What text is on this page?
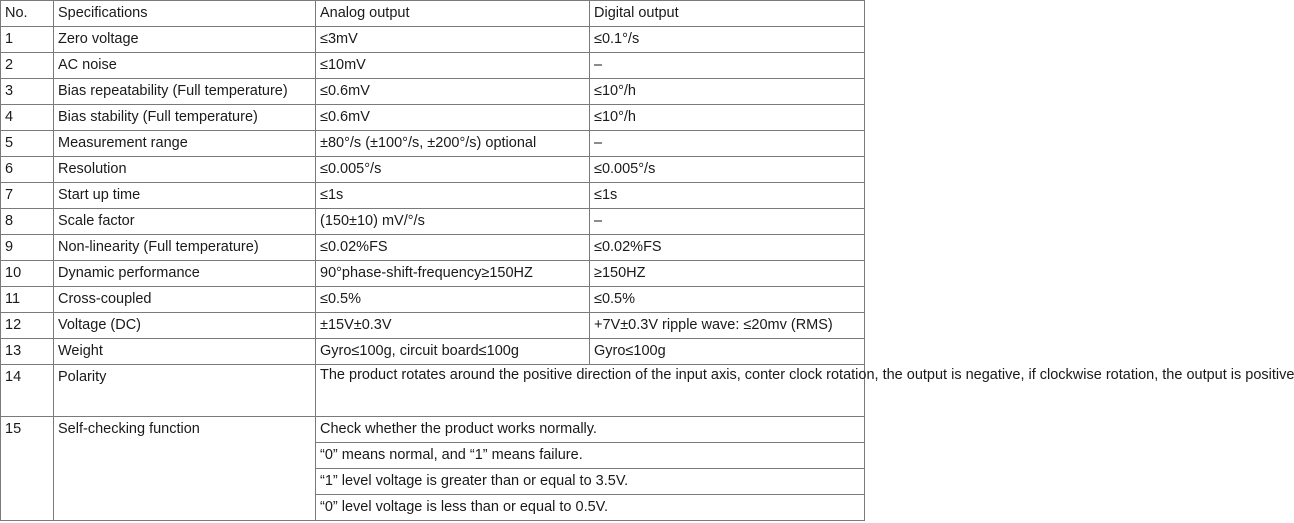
No.	Specifications	Analog output	Digital output
1	Zero voltage	≤3mV	≤0.1°/s
2	AC noise	≤10mV	–
3	Bias repeatability (Full temperature)	≤0.6mV	≤10°/h
4	Bias stability (Full temperature)	≤0.6mV	≤10°/h
5	Measurement range	±80°/s (±100°/s, ±200°/s) optional	–
6	Resolution	≤0.005°/s	≤0.005°/s
7	Start up time	≤1s	≤1s
8	Scale factor	(150±10) mV/°/s	–
9	Non-linearity (Full temperature)	≤0.02%FS	≤0.02%FS
10	Dynamic performance	90°phase-shift-frequency≥150HZ	≥150HZ
11	Cross-coupled	≤0.5%	≤0.5%
12	Voltage (DC)	±15V±0.3V	+7V±0.3V ripple wave: ≤20mv (RMS)
13	Weight	Gyro≤100g, circuit board≤100g	Gyro≤100g
14	Polarity	The product rotates around the positive direction of the input axis, conter clock rotation, the output is negative, if clockwise rotation, the output is positive	
15	Self-checking function	Check whether the product works normally.	
		“0” means normal, and “1” means failure.	
		“1” level voltage is greater than or equal to 3.5V.	
		“0” level voltage is less than or equal to 0.5V.	
